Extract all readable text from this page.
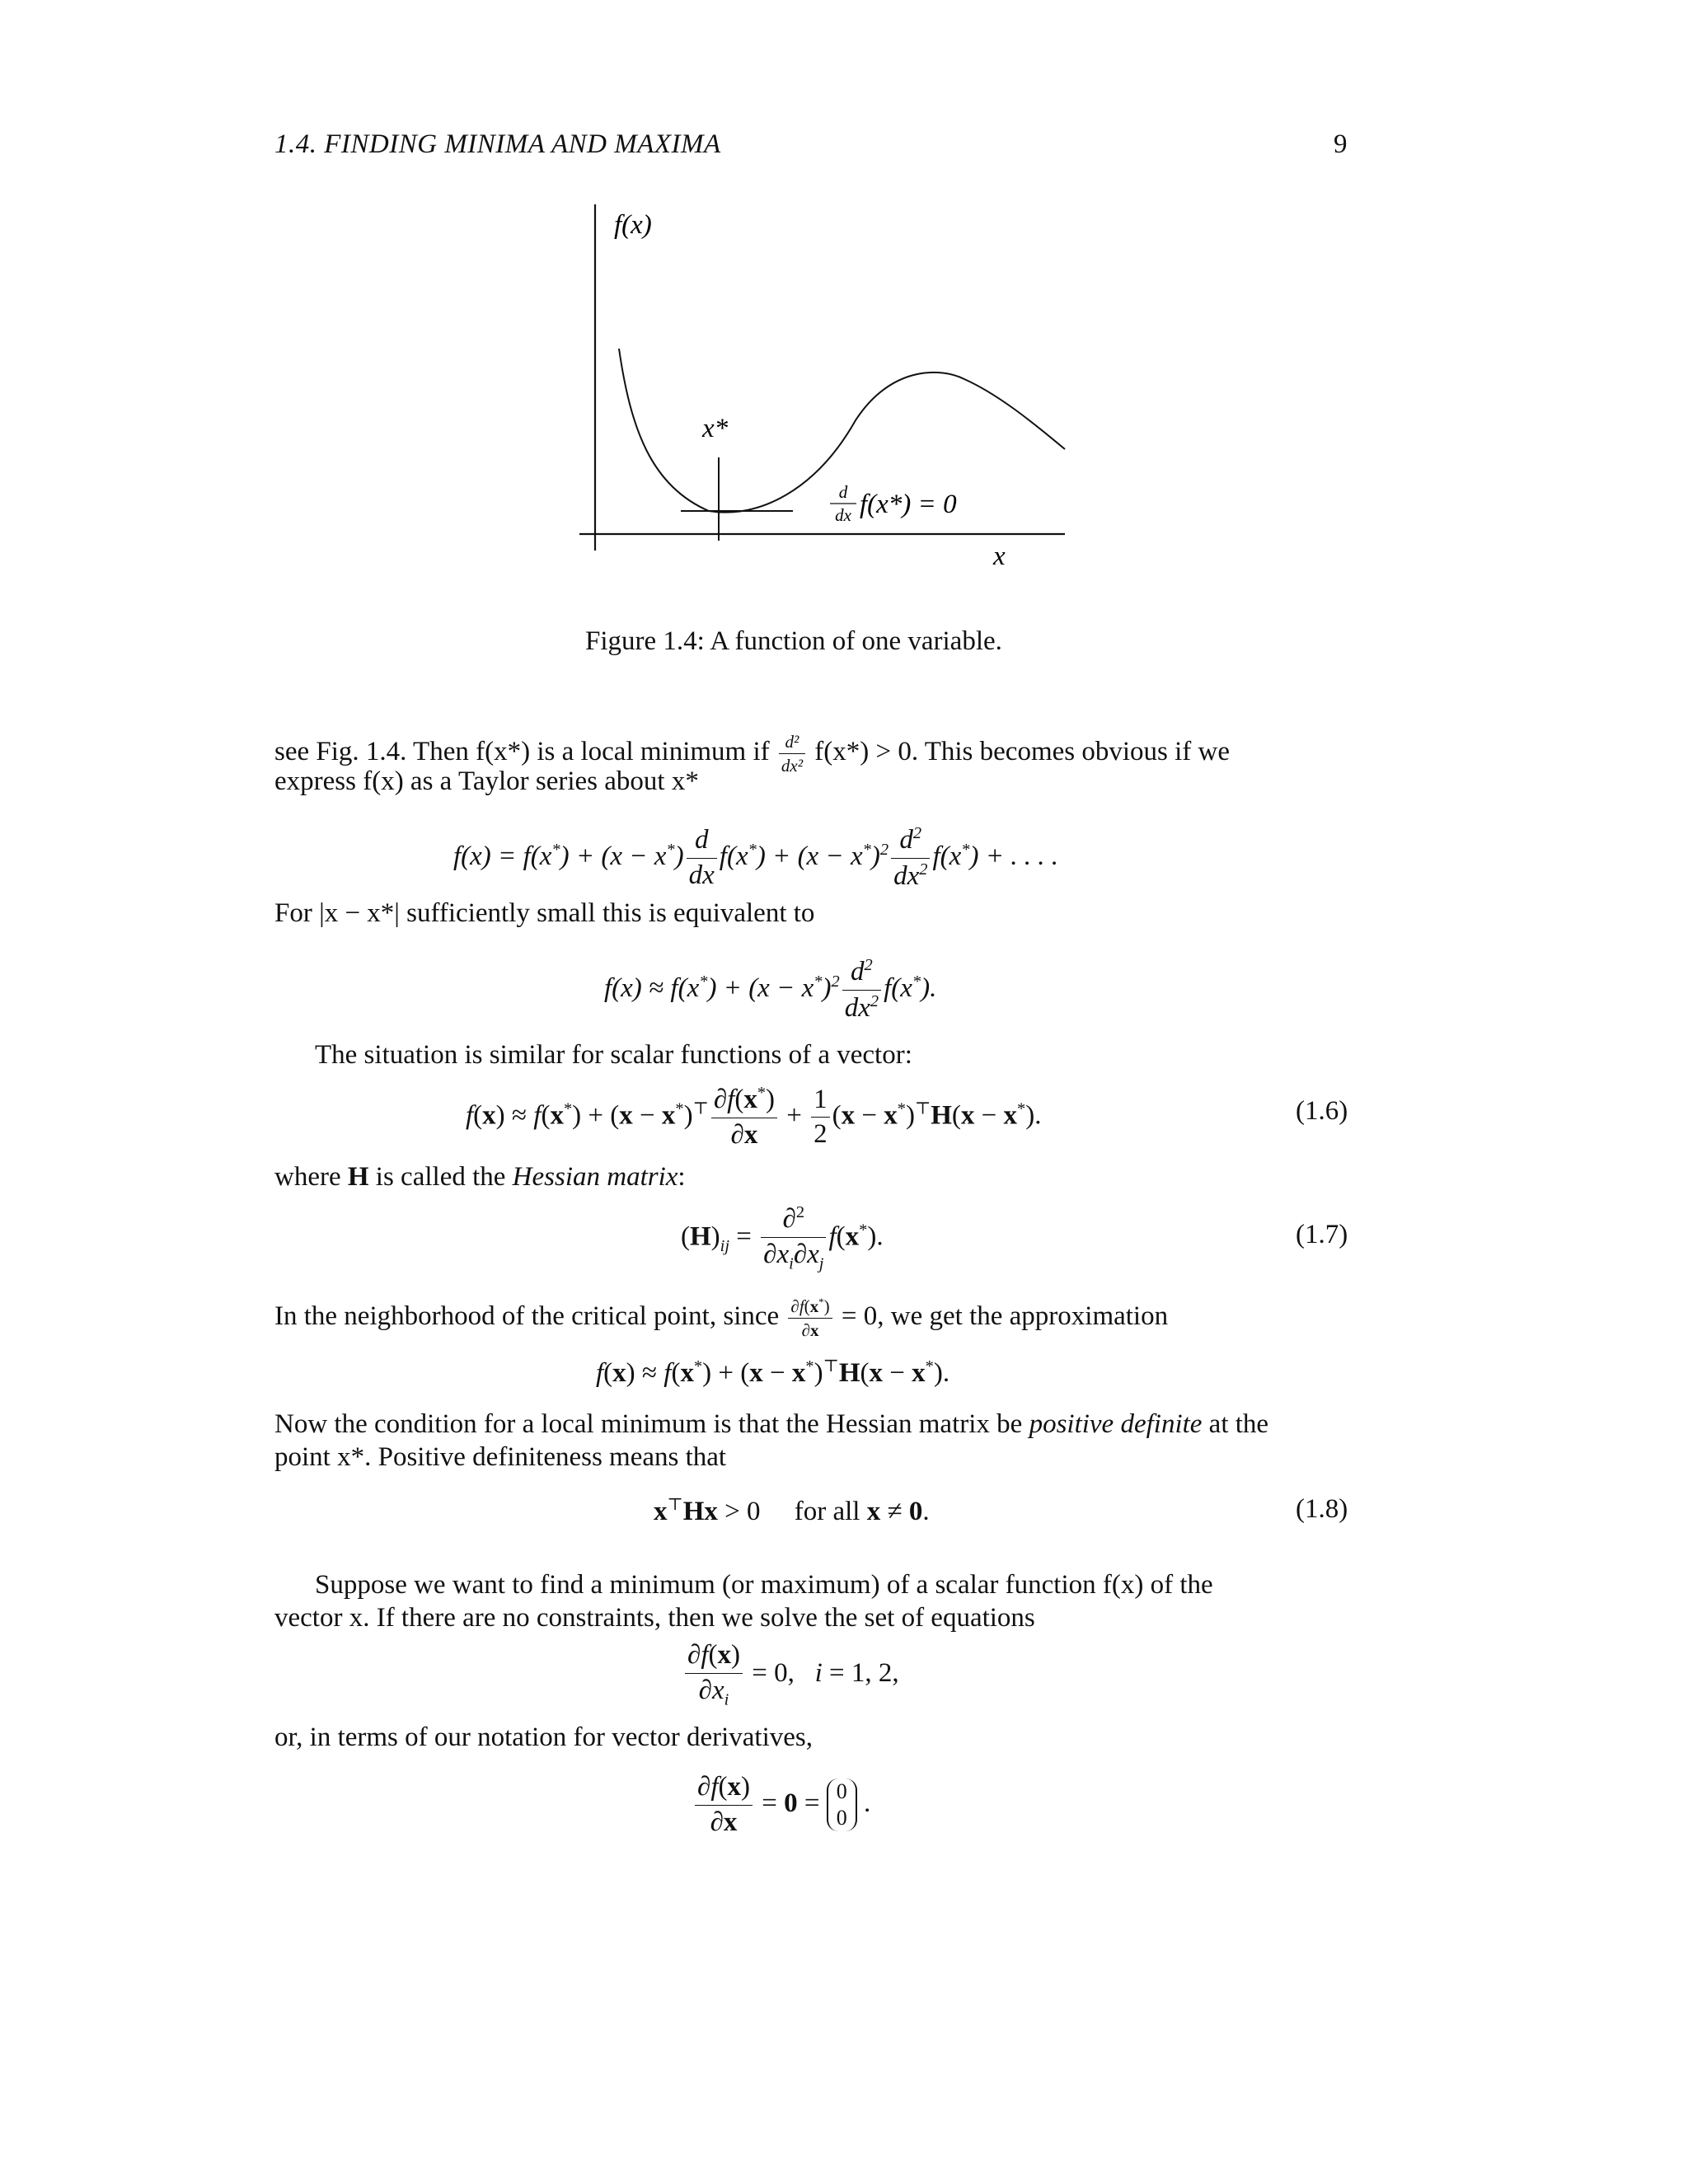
1.4. FINDING MINIMA AND MAXIMA	9
f(x)
x
x*
d
dx f(x*) = 0
Figure 1.4: A function of one variable.
see Fig. 1.4. Then f(x*) is a local minimum if $\frac{\text{d²}}{\text{dx²}} f(x*) > 0$. This becomes obvious if we
express f(x) as a Taylor series about x*
$f(x) = f(x^*) + (x - x^*) \frac{d}{dx} f(x^*) + (x - x^*)^2 \frac{d^2}{dx^2} f(x^*)$ + . . . .
For |x − x*| sufficiently small this is equivalent to
$f(x) \approx f(x^*) + (x - x^*)^2 \frac{d^2}{dx^2} f(x^*)$.
The situation is similar for scalar functions of a vector:
$f(x) \approx f(x^*) + (x - x^*)^⊤ \frac{\partial f(x^*)}{\partial x} + \frac{1}{2} (x - x^*)^⊤H(x - x^*)$.	(1.6)
where H is called the Hessian matrix:
$(H)_{ij} = \frac{\partial^2}{\partial x_i\partial x_j} f(x^*)$.	(1.7)
In the neighborhood of the critical point, since $\frac{\partial f(x^*)}{\partial x} = 0$, we get the approximation
f(x) ≈ f(x*) + (x − x*)⊤H(x − x*).
Now the condition for a local minimum is that the Hessian matrix be positive definite at the
point x*. Positive definiteness means that
x⊤Hx > 0     for all x ≠ 0.	(1.8)
Suppose we want to find a minimum (or maximum) of a scalar function f(x) of the
vector x. If there are no constraints, then we solve the set of equations
$\frac{\partial f(x)}{\partial x_i} = 0$,   i = 1, 2,
or, in terms of our notation for vector derivatives,
$\frac{\partial f(x)}{\partial x} = 0 = 0$
0 .
